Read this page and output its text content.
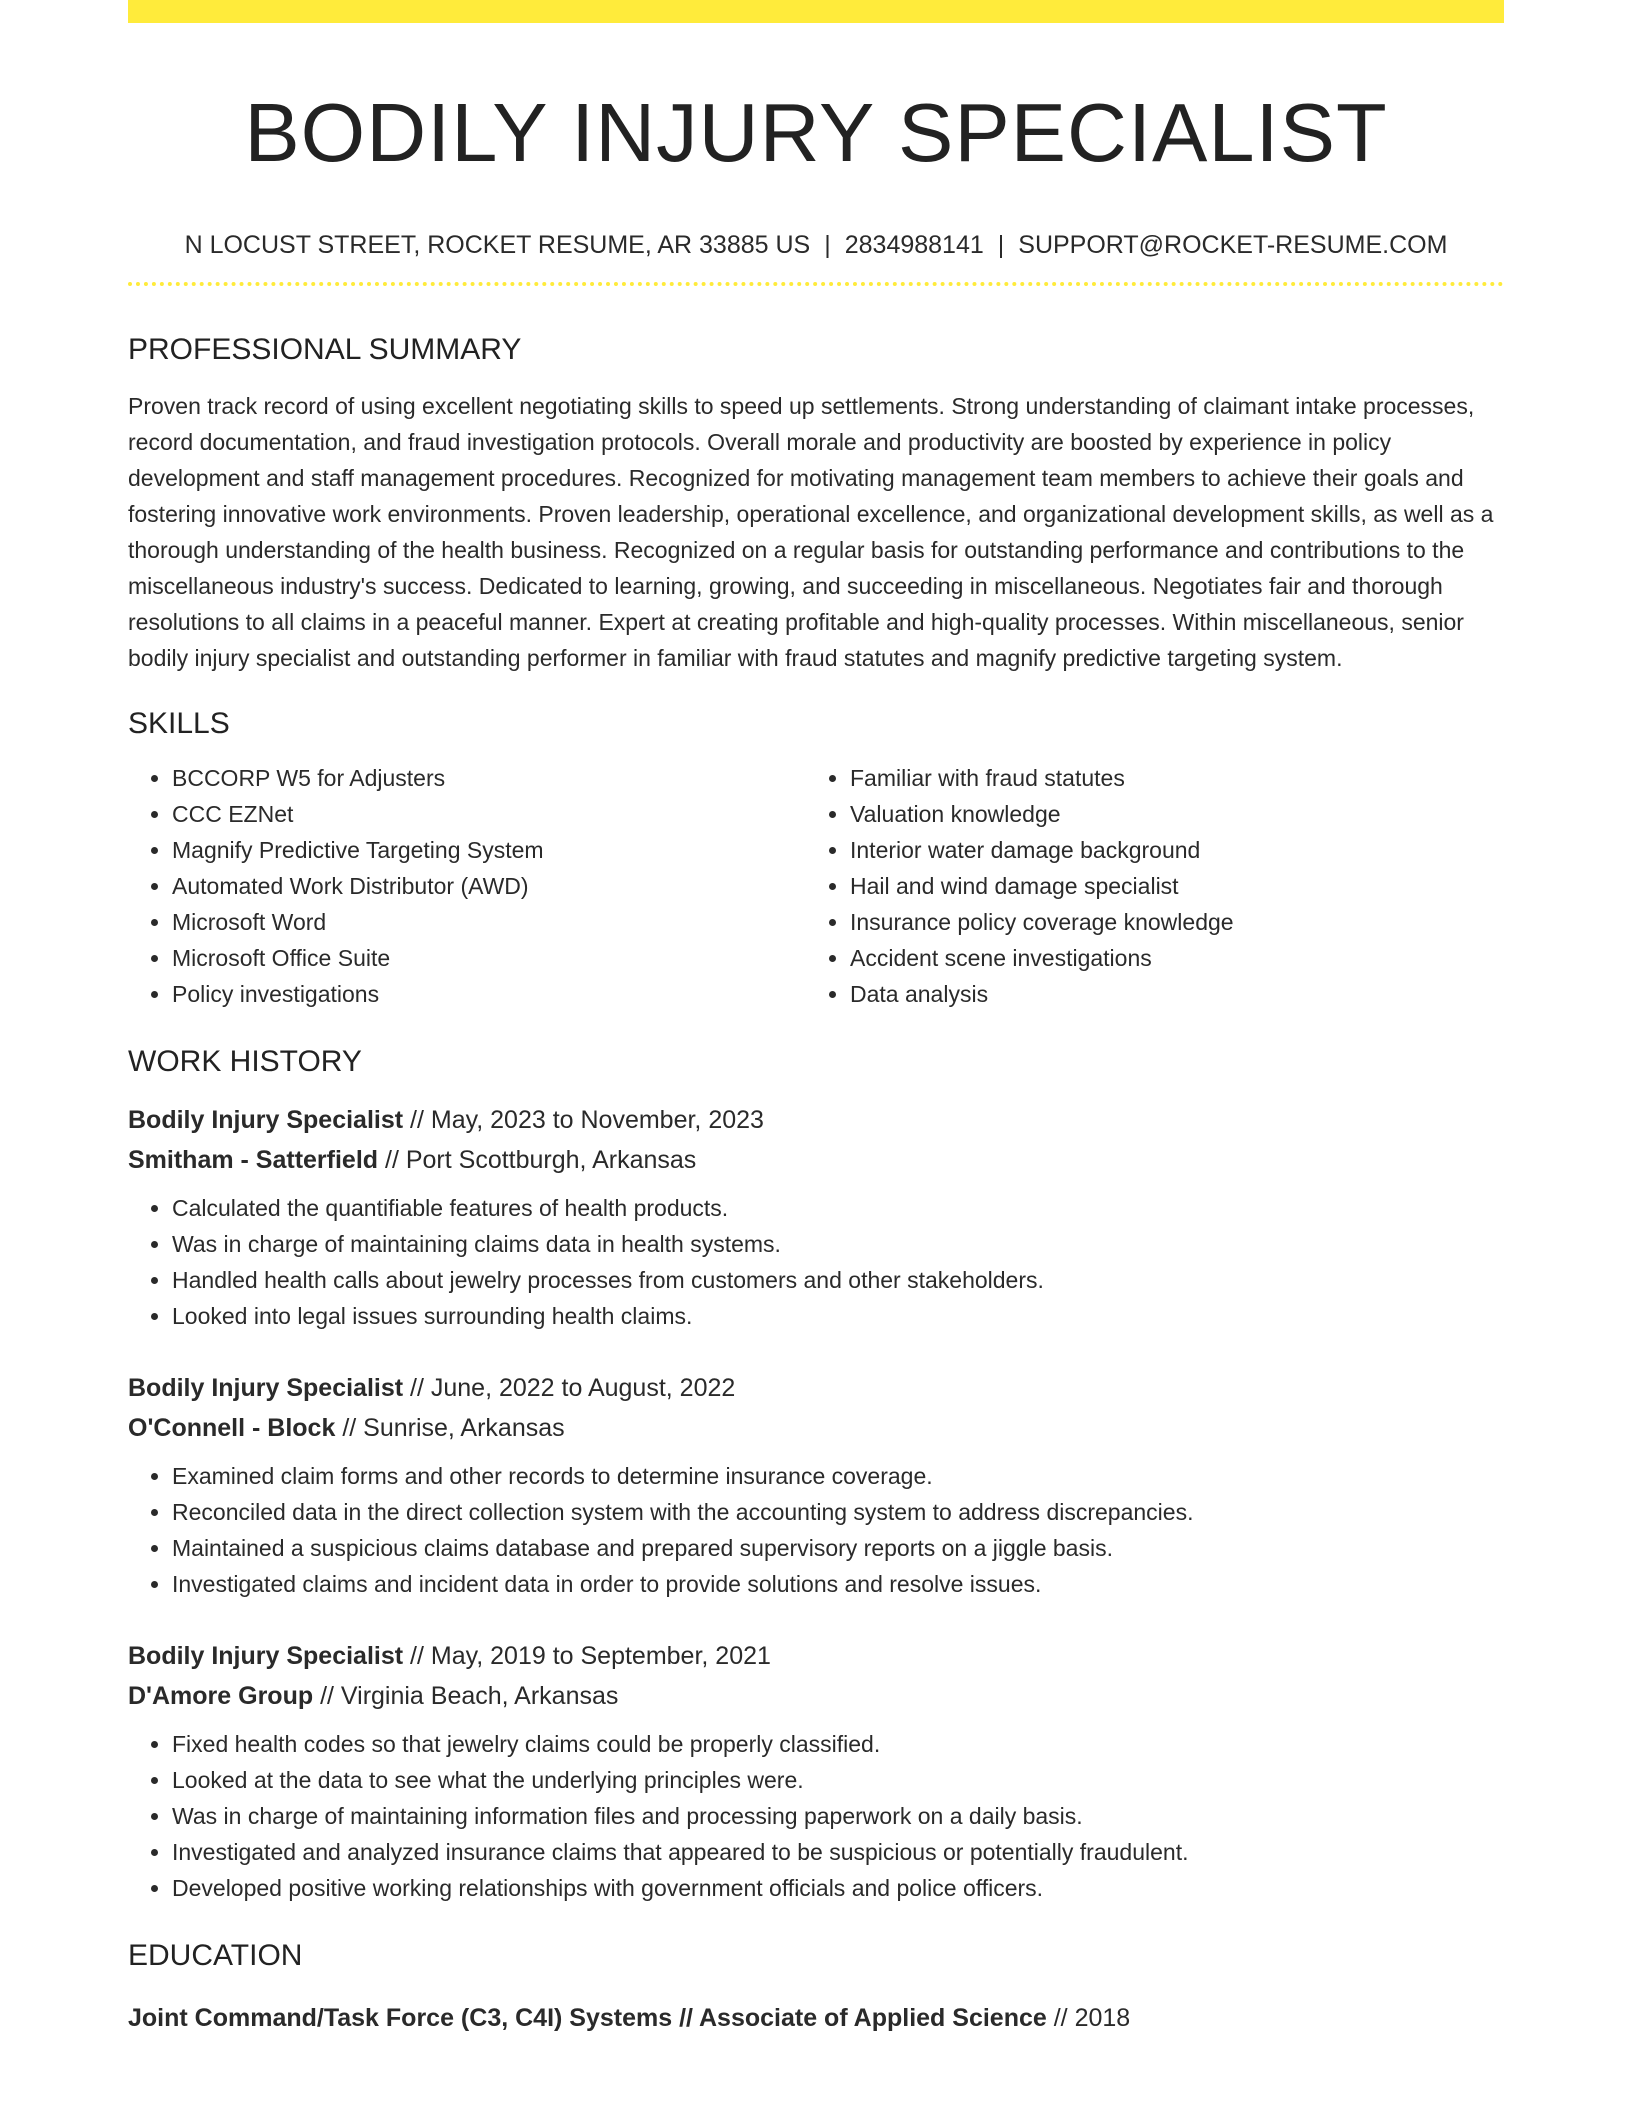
BODILY INJURY SPECIALIST
N LOCUST STREET, ROCKET RESUME, AR 33885 US | 2834988141 | SUPPORT@ROCKET-RESUME.COM
PROFESSIONAL SUMMARY

Proven track record of using excellent negotiating skills to speed up settlements. Strong understanding of claimant intake processes, record documentation, and fraud investigation protocols. Overall morale and productivity are boosted by experience in policy development and staff management procedures. Recognized for motivating management team members to achieve their goals and fostering innovative work environments. Proven leadership, operational excellence, and organizational development skills, as well as a thorough understanding of the health business. Recognized on a regular basis for outstanding performance and contributions to the miscellaneous industry's success. Dedicated to learning, growing, and succeeding in miscellaneous. Negotiates fair and thorough resolutions to all claims in a peaceful manner. Expert at creating profitable and high-quality processes. Within miscellaneous, senior bodily injury specialist and outstanding performer in familiar with fraud statutes and magnify predictive targeting system.

SKILLS
• BCCORP W5 for Adjusters
• CCC EZNet
• Magnify Predictive Targeting System
• Automated Work Distributor (AWD)
• Microsoft Word
• Microsoft Office Suite
• Policy investigations
• Familiar with fraud statutes
• Valuation knowledge
• Interior water damage background
• Hail and wind damage specialist
• Insurance policy coverage knowledge
• Accident scene investigations
• Data analysis
WORK HISTORY
Bodily Injury Specialist // May, 2023 to November, 2023
Smitham - Satterfield // Port Scottburgh, Arkansas
• Calculated the quantifiable features of health products.
• Was in charge of maintaining claims data in health systems.
• Handled health calls about jewelry processes from customers and other stakeholders.
• Looked into legal issues surrounding health claims.
Bodily Injury Specialist // June, 2022 to August, 2022
O'Connell - Block // Sunrise, Arkansas
• Examined claim forms and other records to determine insurance coverage.
• Reconciled data in the direct collection system with the accounting system to address discrepancies.
• Maintained a suspicious claims database and prepared supervisory reports on a jiggle basis.
• Investigated claims and incident data in order to provide solutions and resolve issues.
Bodily Injury Specialist // May, 2019 to September, 2021
D'Amore Group // Virginia Beach, Arkansas
• Fixed health codes so that jewelry claims could be properly classified.
• Looked at the data to see what the underlying principles were.
• Was in charge of maintaining information files and processing paperwork on a daily basis.
• Investigated and analyzed insurance claims that appeared to be suspicious or potentially fraudulent.
• Developed positive working relationships with government officials and police officers.
EDUCATION
Joint Command/Task Force (C3, C4I) Systems // Associate of Applied Science // 2018
